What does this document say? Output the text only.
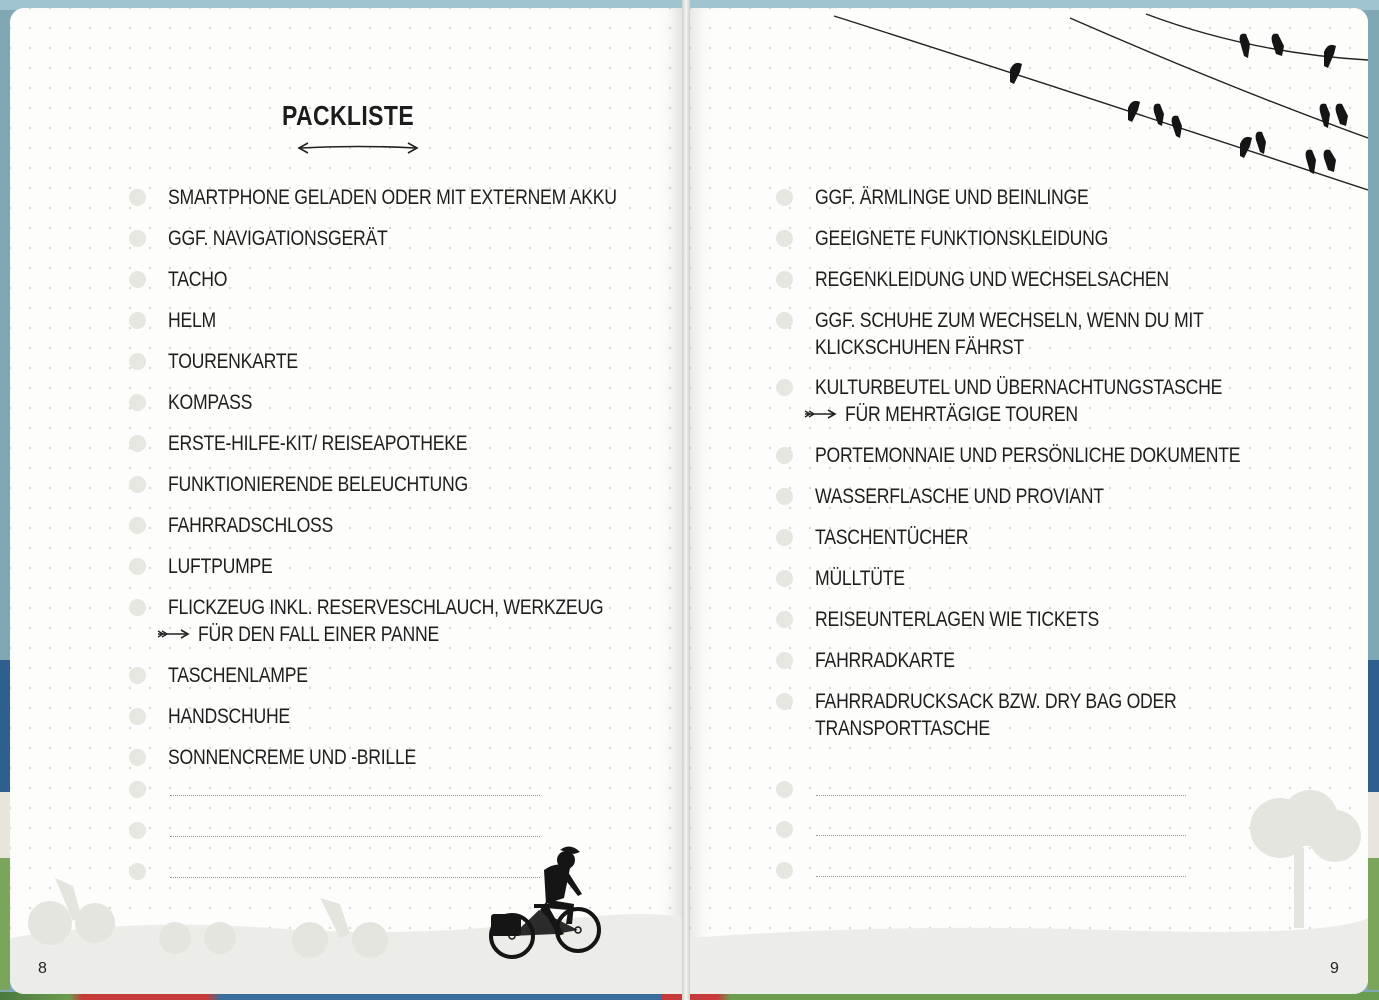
PACKLISTE
SMARTPHONE GELADEN ODER MIT EXTERNEM AKKU
GGF. NAVIGATIONSGERÄT
TACHO
HELM
TOURENKARTE
KOMPASS
ERSTE-HILFE-KIT/ REISEAPOTHEKE
FUNKTIONIERENDE BELEUCHTUNG
FAHRRADSCHLOSS
LUFTPUMPE
FLICKZEUG INKL. RESERVESCHLAUCH, WERKZEUG
FÜR DEN FALL EINER PANNE
TASCHENLAMPE
HANDSCHUHE
SONNENCREME UND -BRILLE
8
GGF. ÄRMLINGE UND BEINLINGE
GEEIGNETE FUNKTIONSKLEIDUNG
REGENKLEIDUNG UND WECHSELSACHEN
GGF. SCHUHE ZUM WECHSELN, WENN DU MIT
KLICKSCHUHEN FÄHRST
KULTURBEUTEL UND ÜBERNACHTUNGSTASCHE
FÜR MEHRTÄGIGE TOUREN
PORTEMONNAIE UND PERSÖNLICHE DOKUMENTE
WASSERFLASCHE UND PROVIANT
TASCHENTÜCHER
MÜLLTÜTE
REISEUNTERLAGEN WIE TICKETS
FAHRRADKARTE
FAHRRADRUCKSACK BZW. DRY BAG ODER
TRANSPORTTASCHE
9
